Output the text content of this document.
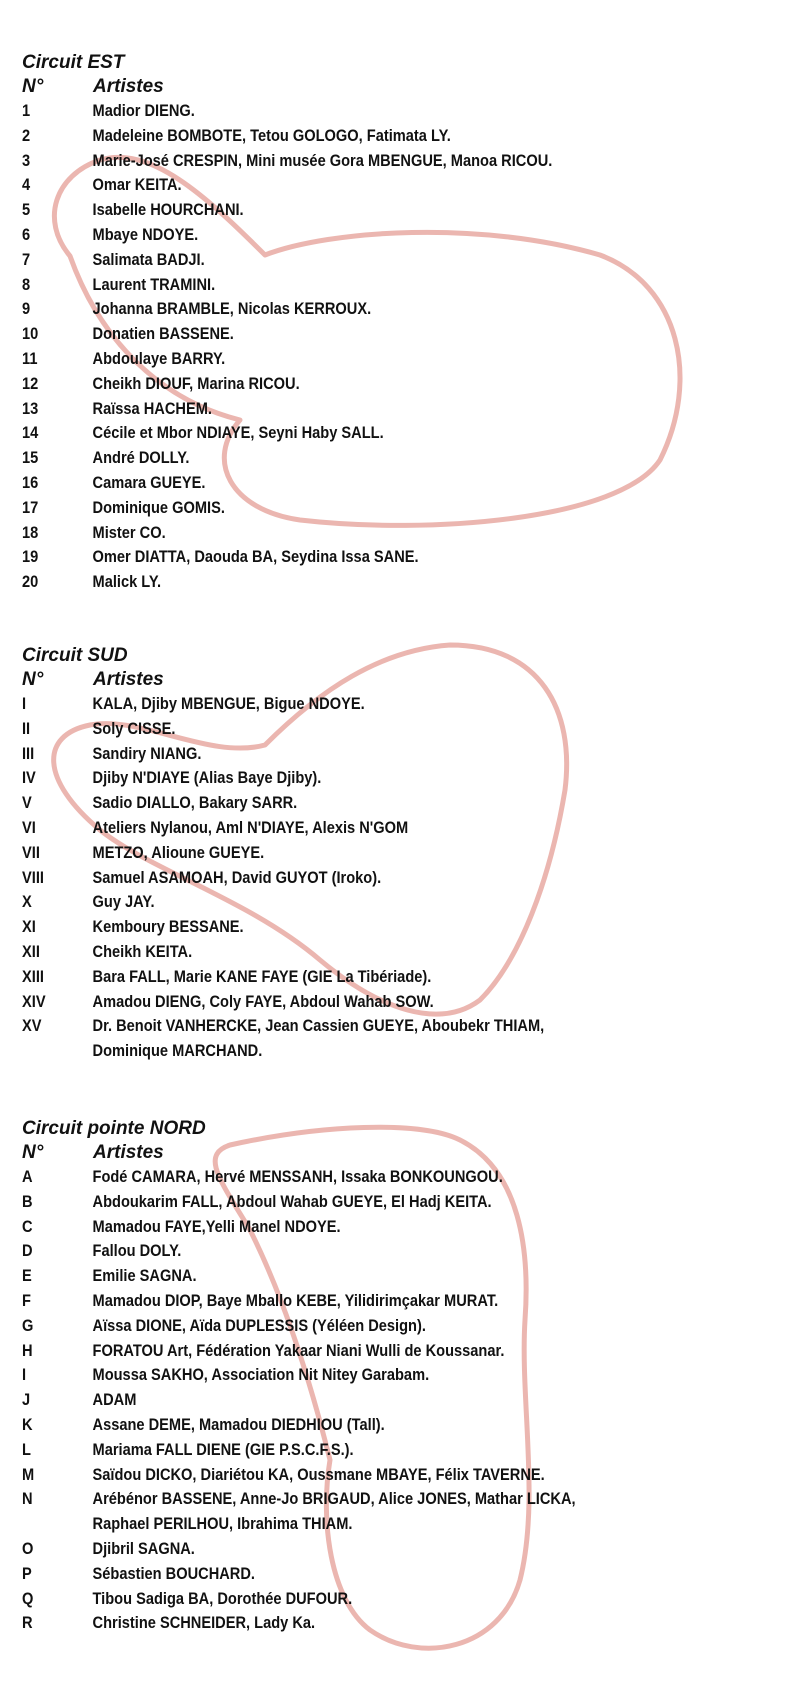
Circuit EST
N°	Artistes
1	Madior DIENG.
2	Madeleine BOMBOTE, Tetou GOLOGO, Fatimata LY.
3	Marie-José CRESPIN, Mini musée Gora MBENGUE, Manoa RICOU.
4	Omar KEITA.
5	Isabelle HOURCHANI.
6	Mbaye NDOYE.
7	Salimata BADJI.
8	Laurent TRAMINI.
9	Johanna BRAMBLE, Nicolas KERROUX.
10	Donatien BASSENE.
11	Abdoulaye BARRY.
12	Cheikh DIOUF, Marina RICOU.
13	Raïssa HACHEM.
14	Cécile et Mbor NDIAYE, Seyni Haby SALL.
15	André DOLLY.
16	Camara GUEYE.
17	Dominique GOMIS.
18	Mister CO.
19	Omer DIATTA, Daouda BA, Seydina Issa SANE.
20	Malick LY.
Circuit SUD
N°	Artistes
I	KALA, Djiby MBENGUE, Bigue NDOYE.
II	Soly CISSE.
III	Sandiry NIANG.
IV	Djiby N'DIAYE (Alias Baye Djiby).
V	Sadio DIALLO, Bakary SARR.
VI	Ateliers Nylanou, Aml N'DIAYE, Alexis N'GOM
VII	METZO, Alioune GUEYE.
VIII	Samuel ASAMOAH, David GUYOT (Iroko).
X	Guy JAY.
XI	Kemboury BESSANE.
XII	Cheikh KEITA.
XIII	Bara FALL, Marie KANE FAYE (GIE La Tibériade).
XIV	Amadou DIENG, Coly FAYE, Abdoul Wahab SOW.
XV	Dr. Benoit VANHERCKE, Jean Cassien GUEYE, Aboubekr THIAM,
Dominique MARCHAND.
Circuit pointe NORD
N°	Artistes
A	Fodé CAMARA, Hervé MENSSANH, Issaka BONKOUNGOU.
B	Abdoukarim FALL, Abdoul Wahab GUEYE, El Hadj KEITA.
C	Mamadou FAYE,Yelli Manel NDOYE.
D	Fallou DOLY.
E	Emilie SAGNA.
F	Mamadou DIOP, Baye Mballo KEBE, Yilidirimçakar MURAT.
G	Aïssa DIONE, Aïda DUPLESSIS (Yéléen Design).
H	FORATOU Art, Fédération Yakaar Niani Wulli de Koussanar.
I	Moussa SAKHO, Association Nit Nitey Garabam.
J	ADAM
K	Assane DEME, Mamadou DIEDHIOU (Tall).
L	Mariama FALL DIENE (GIE P.S.C.F.S.).
M	Saïdou DICKO, Diariétou KA, Oussmane MBAYE, Félix TAVERNE.
N	Arébénor BASSENE, Anne-Jo BRIGAUD, Alice JONES, Mathar LICKA,
Raphael PERILHOU, Ibrahima THIAM.
O	Djibril SAGNA.
P	Sébastien BOUCHARD.
Q	Tibou Sadiga BA, Dorothée DUFOUR.
R	Christine SCHNEIDER, Lady Ka.
